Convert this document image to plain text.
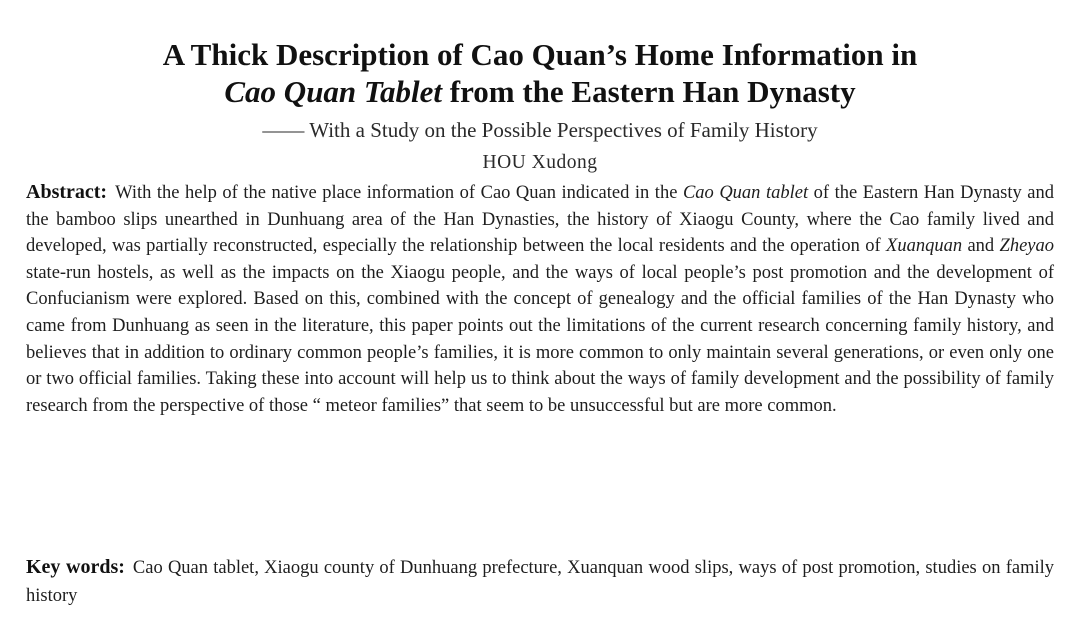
A Thick Description of Cao Quan’s Home Information in
Cao Quan Tablet from the Eastern Han Dynasty
—— With a Study on the Possible Perspectives of Family History
HOU Xudong

Abstract: With the help of the native place information of Cao Quan indicated in the Cao Quan tablet of the Eastern Han Dynasty and the bamboo slips unearthed in Dunhuang area of the Han Dynasties, the history of Xiaogu County, where the Cao family lived and developed, was partially reconstructed, especially the relationship between the local residents and the operation of Xuanquan and Zheyao state-run hostels, as well as the impacts on the Xiaogu people, and the ways of local people’s post promotion and the development of Confucianism were explored. Based on this, combined with the concept of genealogy and the official families of the Han Dynasty who came from Dunhuang as seen in the literature, this paper points out the limitations of the current research concerning family history, and believes that in addition to ordinary common people’s families, it is more common to only maintain several generations, or even only one or two official families. Taking these into account will help us to think about the ways of family development and the possibility of family research from the perspective of those “ meteor families” that seem to be unsuccessful but are more common.

Key words: Cao Quan tablet, Xiaogu county of Dunhuang prefecture, Xuanquan wood slips, ways of post promotion, studies on family history
